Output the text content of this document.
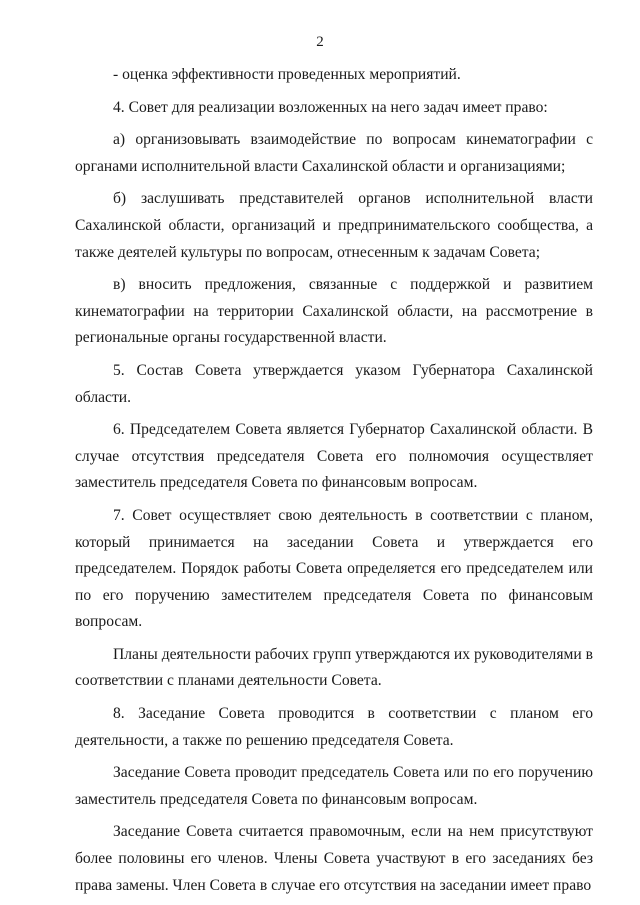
2

- оценка эффективности проведенных мероприятий.

4. Совет для реализации возложенных на него задач имеет право:

а) организовывать взаимодействие по вопросам кинематографии с органами исполнительной власти Сахалинской области и организациями;

б) заслушивать представителей органов исполнительной власти Сахалинской области, организаций и предпринимательского сообщества, а также деятелей культуры по вопросам, отнесенным к задачам Совета;

в) вносить предложения, связанные с поддержкой и развитием кинематографии на территории Сахалинской области, на рассмотрение в региональные органы государственной власти.

5. Состав Совета утверждается указом Губернатора Сахалинской области.

6. Председателем Совета является Губернатор Сахалинской области. В случае отсутствия председателя Совета его полномочия осуществляет заместитель председателя Совета по финансовым вопросам.

7. Совет осуществляет свою деятельность в соответствии с планом, который принимается на заседании Совета и утверждается его председателем. Порядок работы Совета определяется его председателем или по его поручению заместителем председателя Совета по финансовым вопросам.

Планы деятельности рабочих групп утверждаются их руководителями в соответствии с планами деятельности Совета.

8. Заседание Совета проводится в соответствии с планом его деятельности, а также по решению председателя Совета.

Заседание Совета проводит председатель Совета или по его поручению заместитель председателя Совета по финансовым вопросам.

Заседание Совета считается правомочным, если на нем присутствуют более половины его членов. Члены Совета участвуют в его заседаниях без права замены. Член Совета в случае его отсутствия на заседании имеет право
